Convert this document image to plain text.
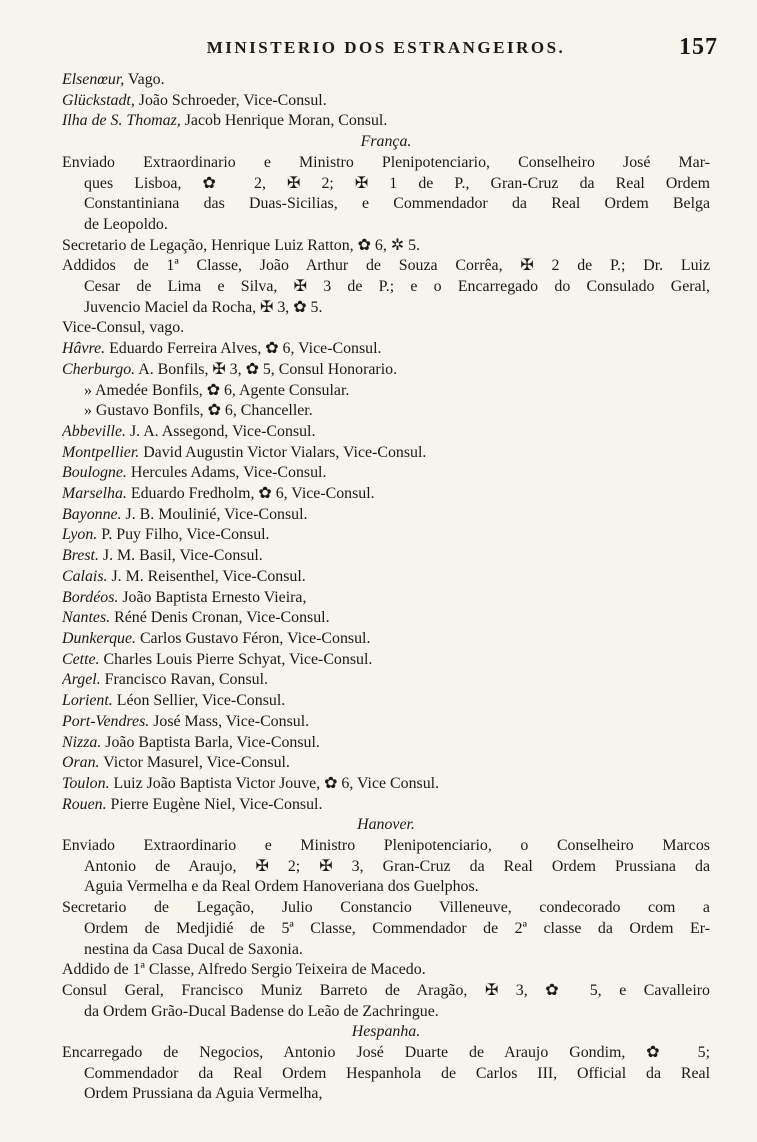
MINISTERIO DOS ESTRANGEIROS.	157
Elsenœur, Vago.
Glückstadt, João Schroeder, Vice-Consul.
Ilha de S. Thomaz, Jacob Henrique Moran, Consul.
França.
Enviado Extraordinario e Ministro Plenipotenciario, Conselheiro José Mar-
ques Lisboa, ✿ 2, ✠ 2; ✠ 1 de P., Gran-Cruz da Real Ordem
Constantiniana das Duas-Sicilias, e Commendador da Real Ordem Belga
de Leopoldo.
Secretario de Legação, Henrique Luiz Ratton, ✿ 6, ✲ 5.
Addidos de 1ª Classe, João Arthur de Souza Corrêa, ✠ 2 de P.; Dr. Luiz
Cesar de Lima e Silva, ✠ 3 de P.; e o Encarregado do Consulado Geral,
Juvencio Maciel da Rocha, ✠ 3, ✿ 5.
Vice-Consul, vago.
Hâvre. Eduardo Ferreira Alves, ✿ 6, Vice-Consul.
Cherburgo. A. Bonfils, ✠ 3, ✿ 5, Consul Honorario.
» Amedée Bonfils, ✿ 6, Agente Consular.
» Gustavo Bonfils, ✿ 6, Chanceller.
Abbeville. J. A. Assegond, Vice-Consul.
Montpellier. David Augustin Victor Vialars, Vice-Consul.
Boulogne. Hercules Adams, Vice-Consul.
Marselha. Eduardo Fredholm, ✿ 6, Vice-Consul.
Bayonne. J. B. Moulinié, Vice-Consul.
Lyon. P. Puy Filho, Vice-Consul.
Brest. J. M. Basil, Vice-Consul.
Calais. J. M. Reisenthel, Vice-Consul.
Bordéos. João Baptista Ernesto Vieira,
Nantes. Réné Denis Cronan, Vice-Consul.
Dunkerque. Carlos Gustavo Féron, Vice-Consul.
Cette. Charles Louis Pierre Schyat, Vice-Consul.
Argel. Francisco Ravan, Consul.
Lorient. Léon Sellier, Vice-Consul.
Port-Vendres. José Mass, Vice-Consul.
Nizza. João Baptista Barla, Vice-Consul.
Oran. Victor Masurel, Vice-Consul.
Toulon. Luiz João Baptista Victor Jouve, ✿ 6, Vice Consul.
Rouen. Pierre Eugène Niel, Vice-Consul.
Hanover.
Enviado Extraordinario e Ministro Plenipotenciario, o Conselheiro Marcos
Antonio de Araujo, ✠ 2; ✠ 3, Gran-Cruz da Real Ordem Prussiana da
Aguia Vermelha e da Real Ordem Hanoveriana dos Guelphos.
Secretario de Legação, Julio Constancio Villeneuve, condecorado com a
Ordem de Medjidié de 5ª Classe, Commendador de 2ª classe da Ordem Er-
nestina da Casa Ducal de Saxonia.
Addido de 1ª Classe, Alfredo Sergio Teixeira de Macedo.
Consul Geral, Francisco Muniz Barreto de Aragão, ✠ 3, ✿ 5, e Cavalleiro
da Ordem Grão-Ducal Badense do Leão de Zachringue.
Hespanha.
Encarregado de Negocios, Antonio José Duarte de Araujo Gondim, ✿ 5;
Commendador da Real Ordem Hespanhola de Carlos III, Official da Real
Ordem Prussiana da Aguia Vermelha,
